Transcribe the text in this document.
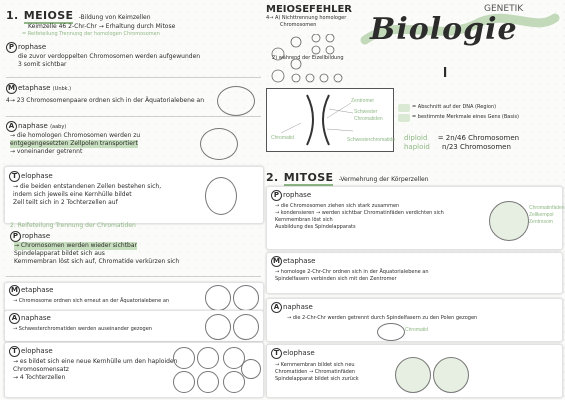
1. MEIOSE -Bildung von Keimzellen
Keimzelle 46 2-Chr-Chr → Erhaltung durch Mitose
= Reifeteilung Trennung der homologen Chromosomen
P rophase
die zuvor verdoppelten Chromosomen werden aufgewunden
3 somit sichtbar
M etaphase (Unbk.)
4→ 23 Chromosomenpaare ordnen sich in der Äquatorialebene an
A naphase (aaby)
→ die homologen Chromosomen werden zu
entgegengesetzten Zellpolen transportiert
→ voneinander getrennt
T elophase
→ die beiden entstandenen Zellen bestehen sich,
indem sich jeweils eine Kernhülle bildet
Zell teilt sich in 2 Tochterzellen auf
2. Reifeteilung Trennung der Chromatiden
P rophase
→ Chromosomen werden wieder sichtbar
Spindelapparat bildet sich aus
Kernmembran löst sich auf, Chromatide verkürzen sich
M etaphase
→ Chromosome ordnen sich erneut an der Äquatorialebene an
A naphase
→ Schwesterchromatiden werden auseinander gezogen
T elophase
→ es bildet sich eine neue Kernhülle um den haploiden
Chromosomensatz
→ 4 Tochterzellen
MEIOSEFEHLER
4→ A) Nichttrennung homologer
Chromosomen
2) während der Eizellbildung
Biologie
GENETIK
I
Zentromer
Schwester
Chromatiden
Chromatid	Schwesterchromatide
= Abschnitt auf der DNA (Region)
= bestimmte Merkmale eines Gens (Basis)
diploid = 2n/46 Chromosomen
haploid n/23 Chromosomen
2. MITOSE -Vermehrung der Körperzellen
P rophase
→ die Chromosomen ziehen sich stark zusammen
→ kondensieren → werden sichtbar Chromatinfäden verdichten sich
Kernmembran löst sich
Ausbildung des Spindelapparats
Chromatinfäden
Zellkernpol
Zentrosom
M etaphase
→ homologe 2-Chr-Chr ordnen sich in der Äquatorialebene an
Spindelfasern verbinden sich mit den Zentromer
A naphase
→ die 2-Chr-Chr werden getrennt durch Spindelfasern zu den Polen gezogen
Chromatid
T elophase
→ Kernmembran bildet sich neu
Chromatiden → Chromatinfäden
Spindelapparat bildet sich zurück
